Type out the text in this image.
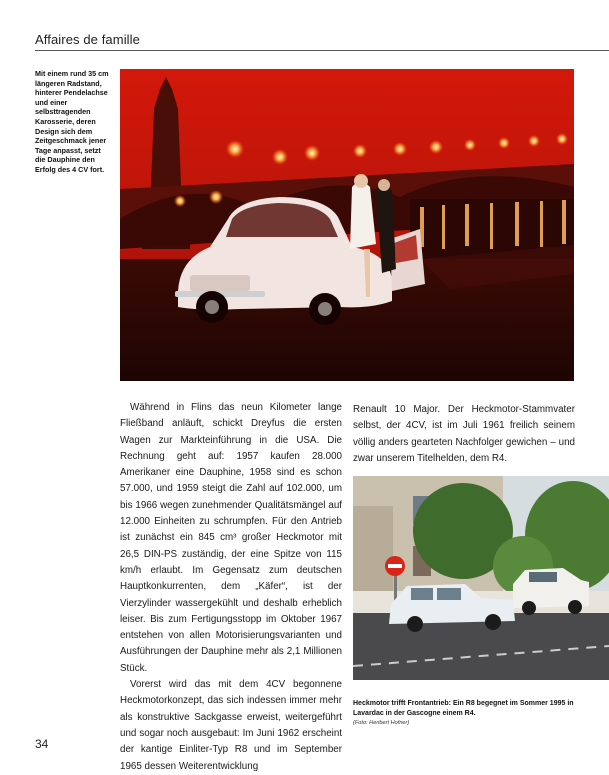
Affaires de famille
Mit einem rund 35 cm längeren Radstand, hinterer Pendelachse und einer selbsttragenden Karosserie, deren Design sich dem Zeitgeschmack jener Tage anpasst, setzt die Dauphine den Erfolg des 4 CV fort.

Während in Flins das neun Kilometer lange Fließband anläuft, schickt Dreyfus die ersten Wagen zur Markteinführung in die USA. Die Rechnung geht auf: 1957 kaufen 28.000 Amerikaner eine Dauphine, 1958 sind es schon 57.000, und 1959 steigt die Zahl auf 102.000, um bis 1966 wegen zunehmender Qualitätsmängel auf 12.000 Einheiten zu schrumpfen. Für den Antrieb ist zunächst ein 845 cm³ großer Heckmotor mit 26,5 DIN-PS zuständig, der eine Spitze von 115 km/h erlaubt. Im Gegensatz zum deutschen Hauptkonkurrenten, dem „Käfer“, ist der Vierzylinder wassergekühlt und deshalb erheblich leiser. Bis zum Fertigungsstopp im Oktober 1967 entstehen von allen Motorisierungsvarianten und Ausführungen der Dauphine mehr als 2,1 Millionen Stück.

Vorerst wird das mit dem 4CV begonnene Heckmotorkonzept, das sich indessen immer mehr als konstruktive Sackgasse erweist, weitergeführt und sogar noch ausgebaut: Im Juni 1962 erscheint der kantige Einliter-Typ R8 und im September 1965 dessen Weiterentwicklung

Renault 10 Major. Der Heckmotor-Stammvater selbst, der 4CV, ist im Juli 1961 freilich seinem völlig anders gearteten Nachfolger gewichen – und zwar unserem Titelhelden, dem R4.

Heckmotor trifft Frontantrieb: Ein R8 begegnet im Sommer 1995 in Lavardac in der Gascogne einem R4.
(Foto: Heribert Hofner)
34
